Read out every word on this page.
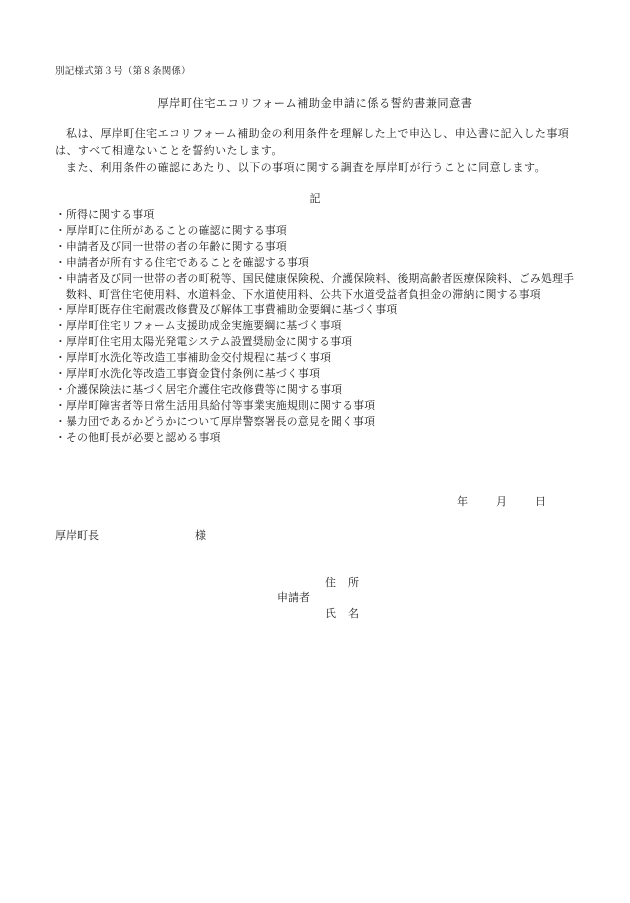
別記様式第３号（第８条関係）
厚岸町住宅エコリフォーム補助金申請に係る誓約書兼同意書

私は、厚岸町住宅エコリフォーム補助金の利用条件を理解した上で申込し、申込書に記入した事項は、すべて相違ないことを誓約いたします。

また、利用条件の確認にあたり、以下の事項に関する調査を厚岸町が行うことに同意します。

記
・所得に関する事項
・厚岸町に住所があることの確認に関する事項
・申請者及び同一世帯の者の年齢に関する事項
・申請者が所有する住宅であることを確認する事項
・申請者及び同一世帯の者の町税等、国民健康保険税、介護保険料、後期高齢者医療保険料、ごみ処理手数料、町営住宅使用料、水道料金、下水道使用料、公共下水道受益者負担金の滞納に関する事項
・厚岸町既存住宅耐震改修費及び解体工事費補助金要綱に基づく事項
・厚岸町住宅リフォーム支援助成金実施要綱に基づく事項
・厚岸町住宅用太陽光発電システム設置奨励金に関する事項
・厚岸町水洗化等改造工事補助金交付規程に基づく事項
・厚岸町水洗化等改造工事資金貸付条例に基づく事項
・介護保険法に基づく居宅介護住宅改修費等に関する事項
・厚岸町障害者等日常生活用具給付等事業実施規則に関する事項
・暴力団であるかどうかについて厚岸警察署長の意見を聞く事項
・その他町長が必要と認める事項
年	月	日
厚岸町長	様
住所
申請者
氏名
